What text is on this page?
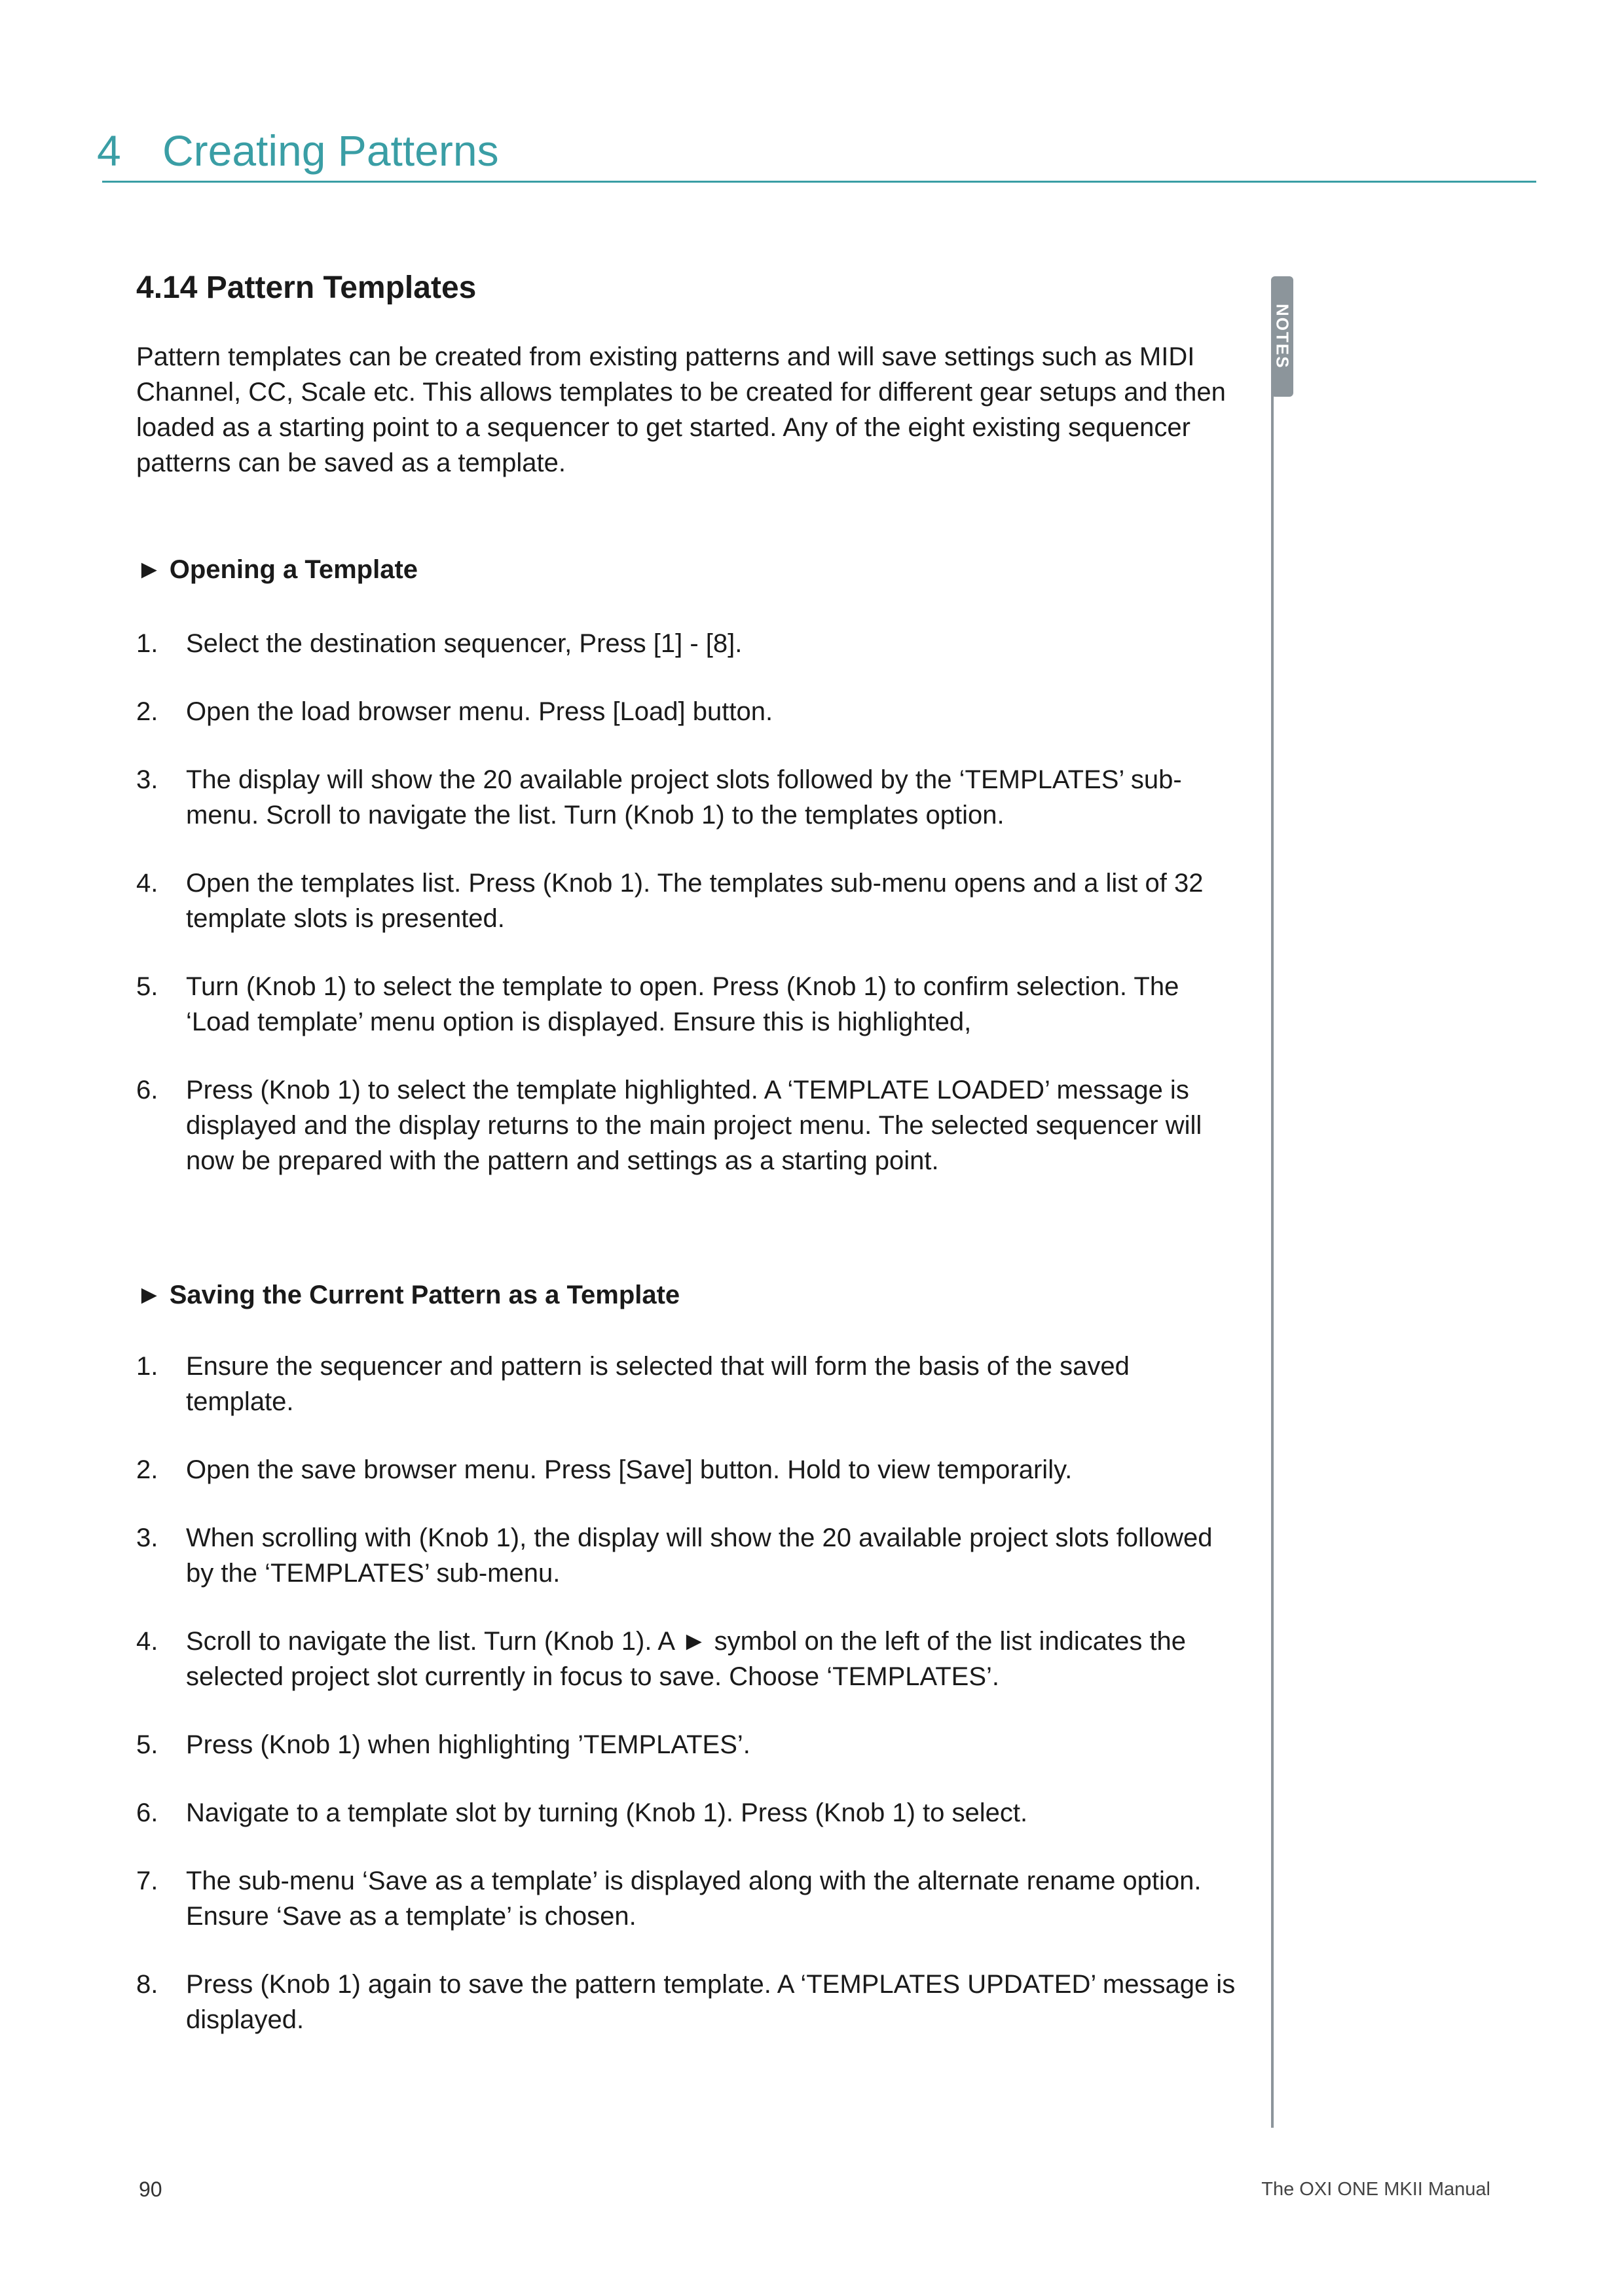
4 Creating Patterns
4.14 Pattern Templates

Pattern templates can be created from existing patterns and will save settings such as MIDI Channel, CC, Scale etc. This allows templates to be created for different gear setups and then loaded as a starting point to a sequencer to get started. Any of the eight existing sequencer patterns can be saved as a template.

► Opening a Template
1. Select the destination sequencer, Press [1] - [8].
2. Open the load browser menu. Press [Load] button.
3. The display will show the 20 available project slots followed by the ‘TEMPLATES’ sub-menu. Scroll to navigate the list. Turn (Knob 1) to the templates option.
4. Open the templates list. Press (Knob 1). The templates sub-menu opens and a list of 32 template slots is presented.
5. Turn (Knob 1) to select the template to open. Press (Knob 1) to confirm selection. The ‘Load template’ menu option is displayed. Ensure this is highlighted,
6. Press (Knob 1) to select the template highlighted. A ‘TEMPLATE LOADED’ message is displayed and the display returns to the main project menu. The selected sequencer will now be prepared with the pattern and settings as a starting point.
► Saving the Current Pattern as a Template
1. Ensure the sequencer and pattern is selected that will form the basis of the saved template.
2. Open the save browser menu. Press [Save] button. Hold to view temporarily.
3. When scrolling with (Knob 1), the display will show the 20 available project slots followed by the ‘TEMPLATES’ sub-menu.
4. Scroll to navigate the list. Turn (Knob 1). A ► symbol on the left of the list indicates the selected project slot currently in focus to save. Choose ‘TEMPLATES’.
5. Press (Knob 1) when highlighting ’TEMPLATES’.
6. Navigate to a template slot by turning (Knob 1). Press (Knob 1) to select.
7. The sub-menu ‘Save as a template’ is displayed along with the alternate rename option. Ensure ‘Save as a template’ is chosen.
8. Press (Knob 1) again to save the pattern template. A ‘TEMPLATES UPDATED’ message is displayed.
NOTES
90	The OXI ONE MKII Manual
